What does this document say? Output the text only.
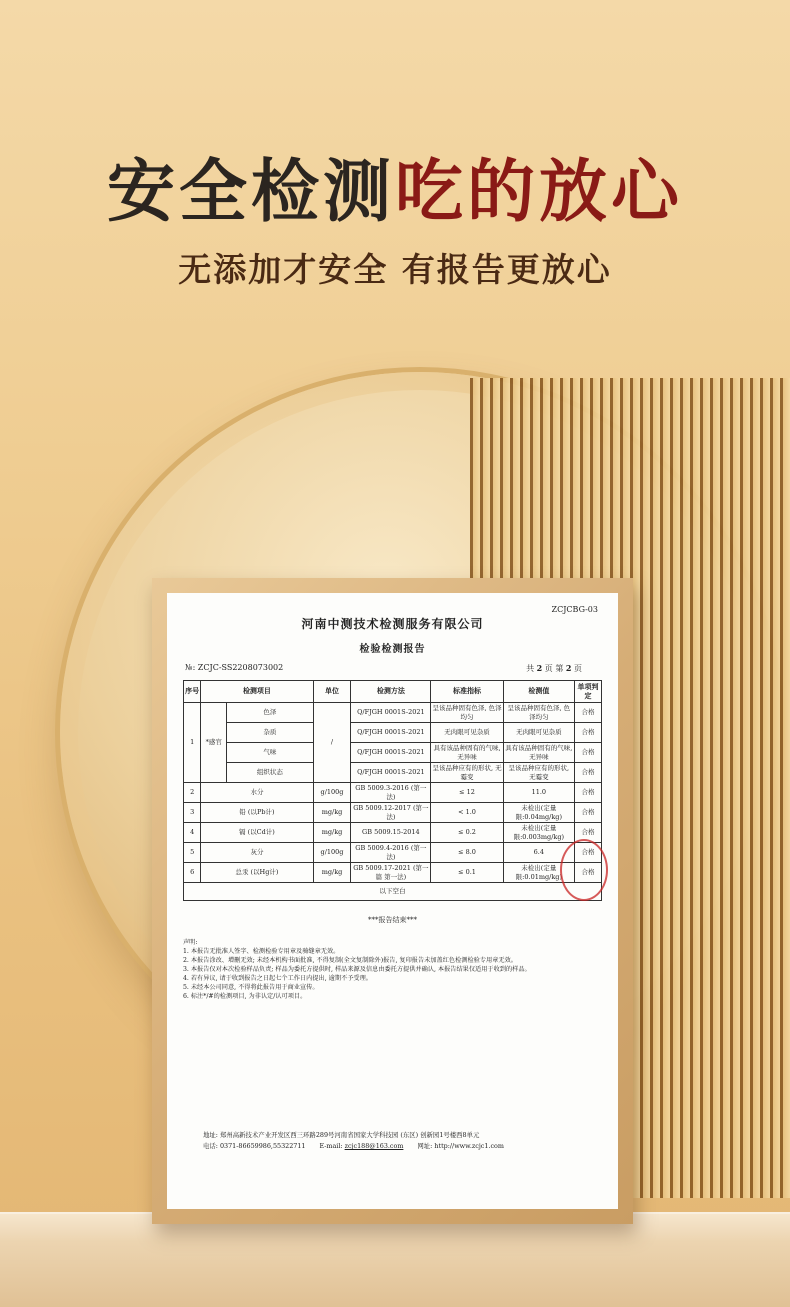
安全检测吃的放心
无添加才安全 有报告更放心
ZCJCBG-03
河南中测技术检测服务有限公司
检验检测报告
№: ZCJC-SS2208073002	共 2 页 第 2 页
序号	检测项目		单位	检测方法	标准指标	检测值	单项判定
1	*感官	色泽	/	Q/FJGH 0001S-2021	呈该品种固有色泽, 色泽均匀	呈该品种固有色泽, 色泽均匀	合格
		杂质		Q/FJGH 0001S-2021	无肉眼可见杂质	无肉眼可见杂质	合格
		气味		Q/FJGH 0001S-2021	具有该品种固有的气味, 无异味	具有该品种固有的气味, 无异味	合格
		组织状态		Q/FJGH 0001S-2021	呈该品种应有的形状, 无霉变	呈该品种应有的形状, 无霉变	合格
2	水分		g/100g	GB 5009.3-2016 (第一法)	≤ 12	11.0	合格
3	铅 (以Pb计)		mg/kg	GB 5009.12-2017 (第一法)	< 1.0	未检出(定量限:0.04mg/kg)	合格
4	镉 (以Cd计)		mg/kg	GB 5009.15-2014	≤ 0.2	未检出(定量限:0.003mg/kg)	合格
5	灰分		g/100g	GB 5009.4-2016 (第一法)	≤ 8.0	6.4	合格
6	总汞 (以Hg计)		mg/kg	GB 5009.17-2021 (第一篇 第一法)	≤ 0.1	未检出(定量限:0.01mg/kg)	合格
以下空白							
***报告结束***
声明:
1. 本报告无批准人签字、检测检验专用章及骑缝章无效。
2. 本报告涂改、增删无效; 未经本机构书面批准, 不得复制(全文复制除外)报告, 复印报告未加盖红色检测检验专用章无效。
3. 本报告仅对本次检验样品负责; 样品为委托方提供时, 样品来源及信息由委托方提供并确认, 本报告结果仅适用于收到的样品。
4. 若有异议, 请于收到报告之日起七个工作日内提出, 逾期不予受理。
5. 未经本公司同意, 不得将此报告用于商业宣传。
6. 标注*/#的检测项目, 为非认定/认可项目。
地址: 郑州高新技术产业开发区西三环路289号河南省国家大学科技园 (东区) 创新园1号楼西8单元
电话: 0371-86659986,55322711 E-mail: zcjc188@163.com 网址: http://www.zcjc1.com
